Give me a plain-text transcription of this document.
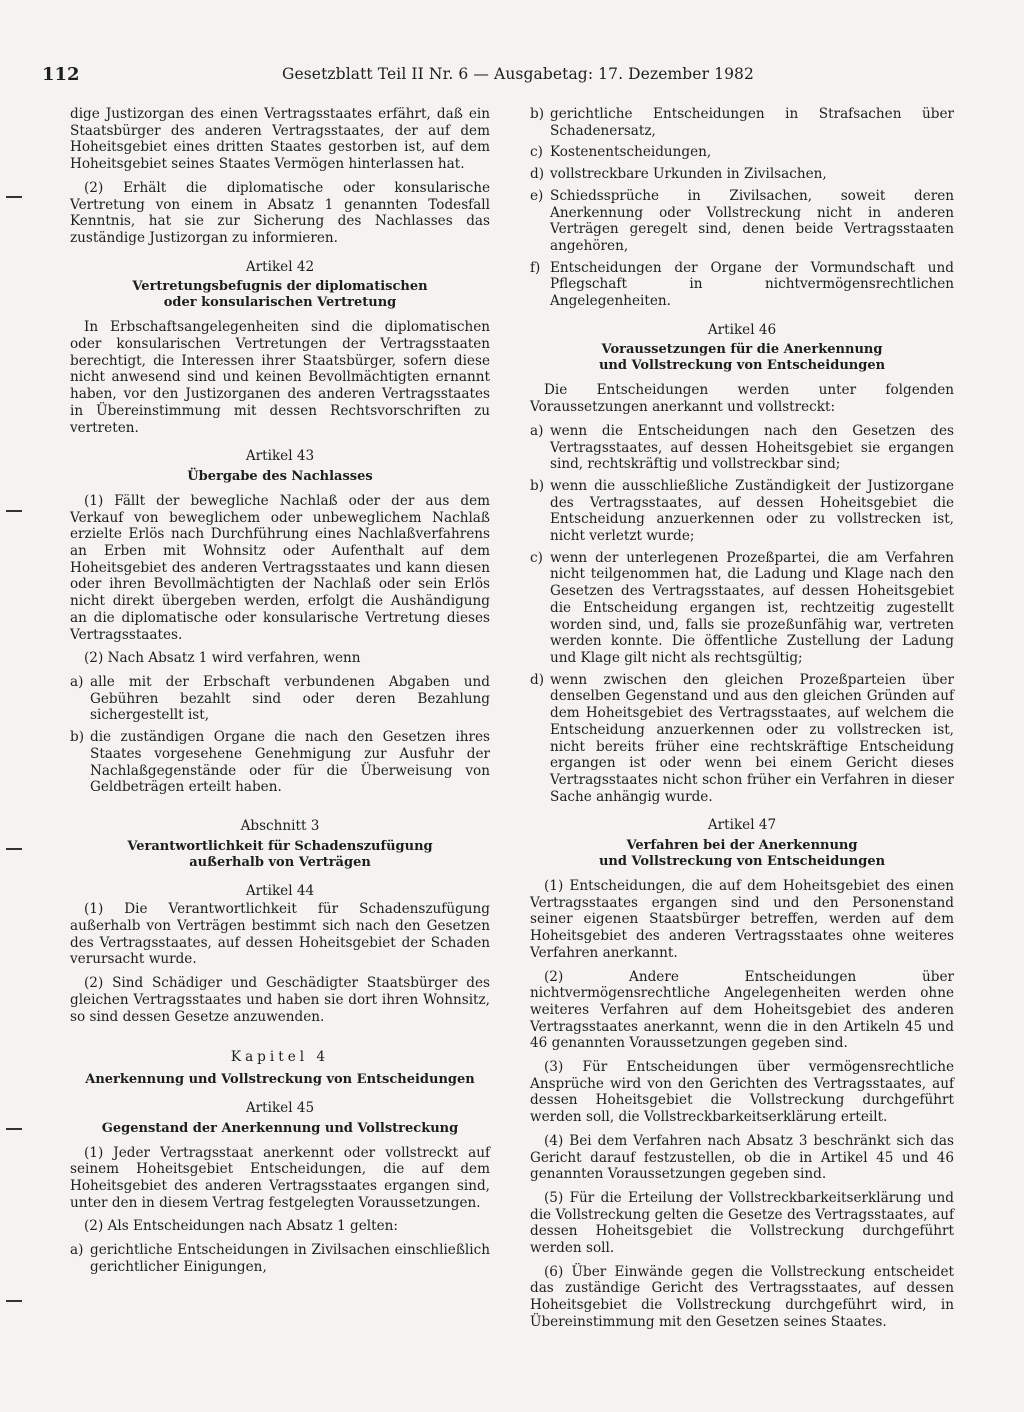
112	Gesetzblatt Teil II Nr. 6 — Ausgabetag: 17. Dezember 1982

dige Justizorgan des einen Vertragsstaates erfährt, daß ein Staatsbürger des anderen Vertragsstaates, der auf dem Hoheitsgebiet eines dritten Staates gestorben ist, auf dem Hoheitsgebiet seines Staates Vermögen hinterlassen hat.

(2) Erhält die diplomatische oder konsularische Vertretung von einem in Absatz 1 genannten Todesfall Kenntnis, hat sie zur Sicherung des Nachlasses das zuständige Justizorgan zu informieren.

Artikel 42
Vertretungsbefugnis der diplomatischen
oder konsularischen Vertretung

In Erbschaftsangelegenheiten sind die diplomatischen oder konsularischen Vertretungen der Vertragsstaaten berechtigt, die Interessen ihrer Staatsbürger, sofern diese nicht anwesend sind und keinen Bevollmächtigten ernannt haben, vor den Justizorganen des anderen Vertragsstaates in Übereinstimmung mit dessen Rechtsvorschriften zu vertreten.

Artikel 43
Übergabe des Nachlasses

(1) Fällt der bewegliche Nachlaß oder der aus dem Verkauf von beweglichem oder unbeweglichem Nachlaß erzielte Erlös nach Durchführung eines Nachlaßverfahrens an Erben mit Wohnsitz oder Aufenthalt auf dem Hoheitsgebiet des anderen Vertragsstaates und kann diesen oder ihren Bevollmächtigten der Nachlaß oder sein Erlös nicht direkt übergeben werden, erfolgt die Aushändigung an die diplomatische oder konsularische Vertretung dieses Vertragsstaates.

(2) Nach Absatz 1 wird verfahren, wenn

a) alle mit der Erbschaft verbundenen Abgaben und Gebühren bezahlt sind oder deren Bezahlung sichergestellt ist,
b) die zuständigen Organe die nach den Gesetzen ihres Staates vorgesehene Genehmigung zur Ausfuhr der Nachlaßgegenstände oder für die Überweisung von Geldbeträgen erteilt haben.
Abschnitt 3
Verantwortlichkeit für Schadenszufügung
außerhalb von Verträgen
Artikel 44

(1) Die Verantwortlichkeit für Schadenszufügung außerhalb von Verträgen bestimmt sich nach den Gesetzen des Vertragsstaates, auf dessen Hoheitsgebiet der Schaden verursacht wurde.

(2) Sind Schädiger und Geschädigter Staatsbürger des gleichen Vertragsstaates und haben sie dort ihren Wohnsitz, so sind dessen Gesetze anzuwenden.

Kapitel 4
Anerkennung und Vollstreckung von Entscheidungen
Artikel 45
Gegenstand der Anerkennung und Vollstreckung

(1) Jeder Vertragsstaat anerkennt oder vollstreckt auf seinem Hoheitsgebiet Entscheidungen, die auf dem Hoheitsgebiet des anderen Vertragsstaates ergangen sind, unter den in diesem Vertrag festgelegten Voraussetzungen.

(2) Als Entscheidungen nach Absatz 1 gelten:

a) gerichtliche Entscheidungen in Zivilsachen einschließlich gerichtlicher Einigungen,
b) gerichtliche Entscheidungen in Strafsachen über Schadenersatz,
c) Kostenentscheidungen,
d) vollstreckbare Urkunden in Zivilsachen,
e) Schiedssprüche in Zivilsachen, soweit deren Anerkennung oder Vollstreckung nicht in anderen Verträgen geregelt sind, denen beide Vertragsstaaten angehören,
f) Entscheidungen der Organe der Vormundschaft und Pflegschaft in nichtvermögensrechtlichen Angelegenheiten.
Artikel 46
Voraussetzungen für die Anerkennung
und Vollstreckung von Entscheidungen

Die Entscheidungen werden unter folgenden Voraussetzungen anerkannt und vollstreckt:

a) wenn die Entscheidungen nach den Gesetzen des Vertragsstaates, auf dessen Hoheitsgebiet sie ergangen sind, rechtskräftig und vollstreckbar sind;
b) wenn die ausschließliche Zuständigkeit der Justizorgane des Vertragsstaates, auf dessen Hoheitsgebiet die Entscheidung anzuerkennen oder zu vollstrecken ist, nicht verletzt wurde;
c) wenn der unterlegenen Prozeßpartei, die am Verfahren nicht teilgenommen hat, die Ladung und Klage nach den Gesetzen des Vertragsstaates, auf dessen Hoheitsgebiet die Entscheidung ergangen ist, rechtzeitig zugestellt worden sind, und, falls sie prozeßunfähig war, vertreten werden konnte. Die öffentliche Zustellung der Ladung und Klage gilt nicht als rechtsgültig;
d) wenn zwischen den gleichen Prozeßparteien über denselben Gegenstand und aus den gleichen Gründen auf dem Hoheitsgebiet des Vertragsstaates, auf welchem die Entscheidung anzuerkennen oder zu vollstrecken ist, nicht bereits früher eine rechtskräftige Entscheidung ergangen ist oder wenn bei einem Gericht dieses Vertragsstaates nicht schon früher ein Verfahren in dieser Sache anhängig wurde.
Artikel 47
Verfahren bei der Anerkennung
und Vollstreckung von Entscheidungen

(1) Entscheidungen, die auf dem Hoheitsgebiet des einen Vertragsstaates ergangen sind und den Personenstand seiner eigenen Staatsbürger betreffen, werden auf dem Hoheitsgebiet des anderen Vertragsstaates ohne weiteres Verfahren anerkannt.

(2) Andere Entscheidungen über nichtvermögensrechtliche Angelegenheiten werden ohne weiteres Verfahren auf dem Hoheitsgebiet des anderen Vertragsstaates anerkannt, wenn die in den Artikeln 45 und 46 genannten Voraussetzungen gegeben sind.

(3) Für Entscheidungen über vermögensrechtliche Ansprüche wird von den Gerichten des Vertragsstaates, auf dessen Hoheitsgebiet die Vollstreckung durchgeführt werden soll, die Vollstreckbarkeitserklärung erteilt.

(4) Bei dem Verfahren nach Absatz 3 beschränkt sich das Gericht darauf festzustellen, ob die in Artikel 45 und 46 genannten Voraussetzungen gegeben sind.

(5) Für die Erteilung der Vollstreckbarkeitserklärung und die Vollstreckung gelten die Gesetze des Vertragsstaates, auf dessen Hoheitsgebiet die Vollstreckung durchgeführt werden soll.

(6) Über Einwände gegen die Vollstreckung entscheidet das zuständige Gericht des Vertragsstaates, auf dessen Hoheitsgebiet die Vollstreckung durchgeführt wird, in Übereinstimmung mit den Gesetzen seines Staates.
